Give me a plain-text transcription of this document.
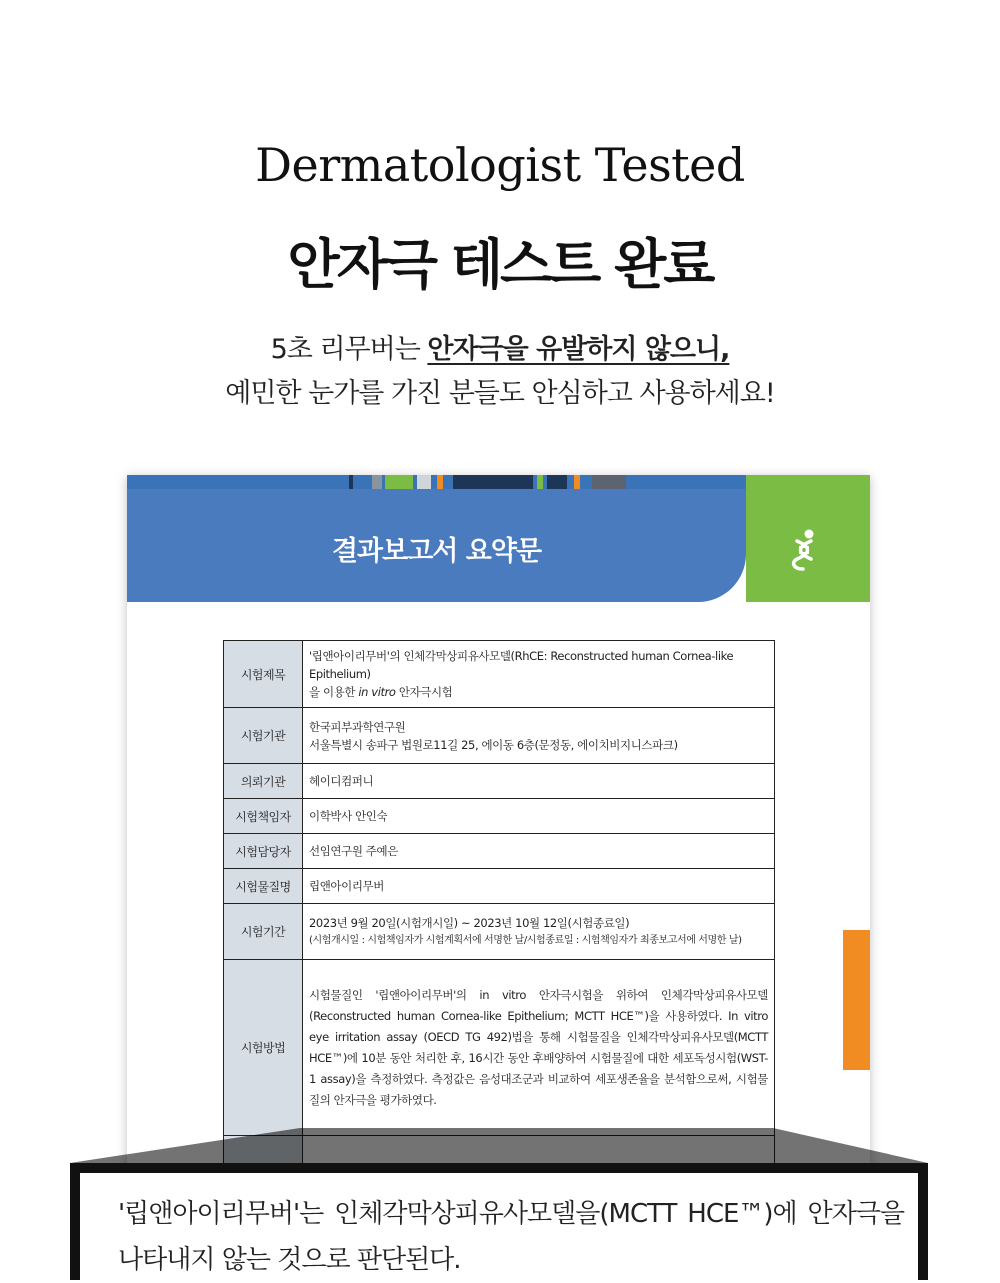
Dermatologist Tested
안자극 테스트 완료
5초 리무버는 안자극을 유발하지 않으니,
예민한 눈가를 가진 분들도 안심하고 사용하세요!
결과보고서 요약문
시험제목	'립앤아이리무버'의 인체각막상피유사모델(RhCE: Reconstructed human Cornea-like Epithelium)
을 이용한 in vitro 안자극시험

시험기관	한국피부과학연구원
서울특별시 송파구 법원로11길 25, 에이동 6층(문정동, 에이치비지니스파크)

의뢰기관	헤이디컴퍼니
시험책임자	이학박사 안인숙
시험담당자	선임연구원 주예은
시험물질명	립앤아이리무버
시험기간	2023년 9월 20일(시험개시일) ~ 2023년 10월 12일(시험종료일)
(시험개시일 : 시험책임자가 시험계획서에 서명한 날/시험종료일 : 시험책임자가 최종보고서에 서명한 날)

시험방법	시험물질인 '립앤아이리무버'의 in vitro 안자극시험을 위하여 인체각막상피유사모델(Reconstructed human Cornea-like Epithelium; MCTT HCE™)을 사용하였다. In vitro eye irritation assay (OECD TG 492)법을 통해 시험물질을 인체각막상피유사모델(MCTT HCE™)에 10분 동안 처리한 후, 16시간 동안 후배양하여 시험물질에 대한 세포독성시험(WST-1 assay)을 측정하였다. 측정값은 음성대조군과 비교하여 세포생존율을 분석함으로써, 시험물질의 안자극을 평가하였다.

'립앤아이리무버'는 인체각막상피유사모델을(MCTT HCE™)에 안자극을 나타내지 않는 것으로 판단된다.
